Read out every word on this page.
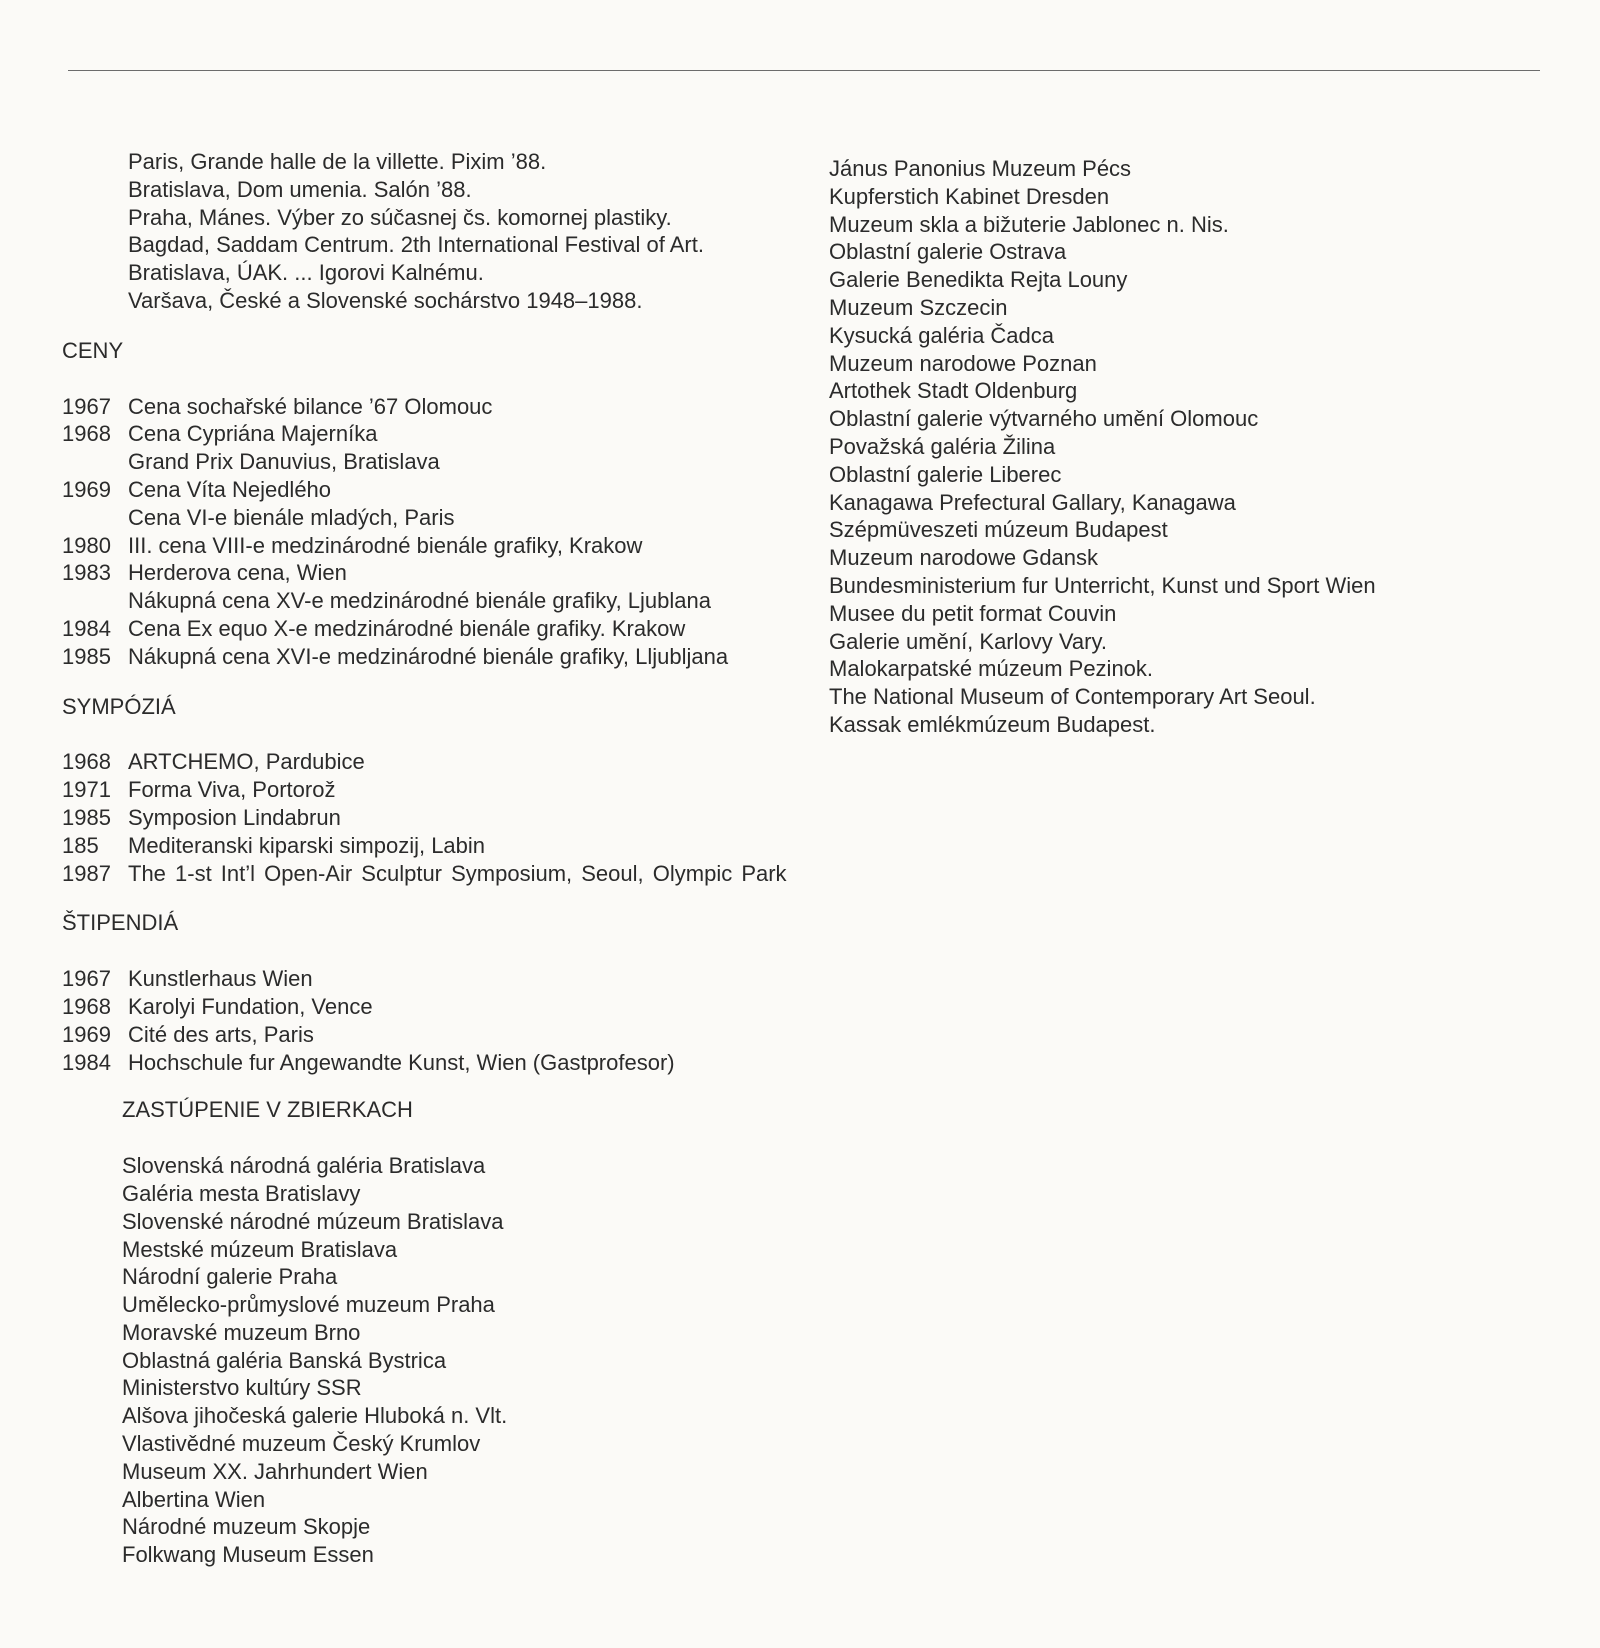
Paris, Grande halle de la villette. Pixim ’88.
Bratislava, Dom umenia. Salón ’88.
Praha, Mánes. Výber zo súčasnej čs. komornej plastiky.
Bagdad, Saddam Centrum. 2th International Festival of Art.
Bratislava, ÚAK. ... Igorovi Kalnému.
Varšava, České a Slovenské sochárstvo 1948–1988.
CENY
1967 Cena sochařské bilance ’67 Olomouc
1968 Cena Cypriána Majerníka
Grand Prix Danuvius, Bratislava
1969 Cena Víta Nejedlého
Cena VI-e bienále mladých, Paris
1980 III. cena VIII-e medzinárodné bienále grafiky, Krakow
1983 Herderova cena, Wien
Nákupná cena XV-e medzinárodné bienále grafiky, Ljublana
1984 Cena Ex equo X-e medzinárodné bienále grafiky. Krakow
1985 Nákupná cena XVI-e medzinárodné bienále grafiky, Lljubljana
SYMPÓZIÁ
1968 ARTCHEMO, Pardubice
1971 Forma Viva, Portorož
1985 Symposion Lindabrun
185	Mediteranski kiparski simpozij, Labin
1987 The 1-st Int’l Open-Air Sculptur Symposium, Seoul, Olympic Park
ŠTIPENDIÁ
1967 Kunstlerhaus Wien
1968 Karolyi Fundation, Vence
1969 Cité des arts, Paris
1984 Hochschule fur Angewandte Kunst, Wien (Gastprofesor)
ZASTÚPENIE V ZBIERKACH
Slovenská národná galéria Bratislava
Galéria mesta Bratislavy
Slovenské národné múzeum Bratislava
Mestské múzeum Bratislava
Národní galerie Praha
Umělecko-průmyslové muzeum Praha
Moravské muzeum Brno
Oblastná galéria Banská Bystrica
Ministerstvo kultúry SSR
Alšova jihočeská galerie Hluboká n. Vlt.
Vlastivědné muzeum Český Krumlov
Museum XX. Jahrhundert Wien
Albertina Wien
Národné muzeum Skopje
Folkwang Museum Essen
Jánus Panonius Muzeum Pécs
Kupferstich Kabinet Dresden
Muzeum skla a bižuterie Jablonec n. Nis.
Oblastní galerie Ostrava
Galerie Benedikta Rejta Louny
Muzeum Szczecin
Kysucká galéria Čadca
Muzeum narodowe Poznan
Artothek Stadt Oldenburg
Oblastní galerie výtvarného umění Olomouc
Považská galéria Žilina
Oblastní galerie Liberec
Kanagawa Prefectural Gallary, Kanagawa
Szépmüveszeti múzeum Budapest
Muzeum narodowe Gdansk
Bundesministerium fur Unterricht, Kunst und Sport Wien
Musee du petit format Couvin
Galerie umění, Karlovy Vary.
Malokarpatské múzeum Pezinok.
The National Museum of Contemporary Art Seoul.
Kassak emlékmúzeum Budapest.
